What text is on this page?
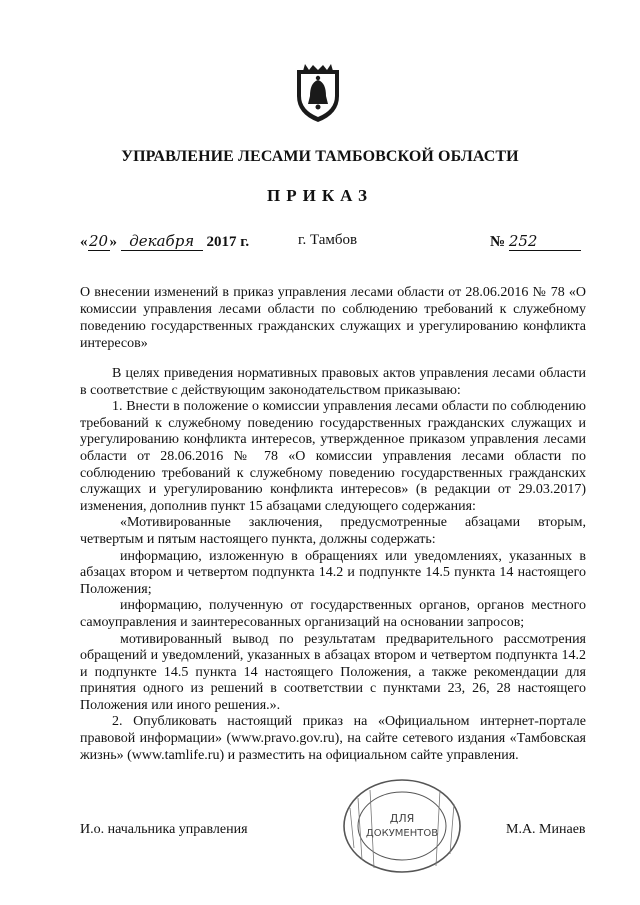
УПРАВЛЕНИЕ ЛЕСАМИ ТАМБОВСКОЙ ОБЛАСТИ
ПРИКАЗ
«20» декабря 2017 г.	г. Тамбов	№ 252
О внесении изменений в приказ управления лесами области от 28.06.2016 № 78 «О комиссии управления лесами области по соблюдению требований к служебному поведению государственных гражданских служащих и урегулированию конфликта интересов»

В целях приведения нормативных правовых актов управления лесами области в соответствие с действующим законодательством приказываю:

1. Внести в положение о комиссии управления лесами области по соблюдению требований к служебному поведению государственных гражданских служащих и урегулированию конфликта интересов, утвержденное приказом управления лесами области от 28.06.2016 № 78 «О комиссии управления лесами области по соблюдению требований к служебному поведению государственных гражданских служащих и урегулированию конфликта интересов» (в редакции от 29.03.2017) изменения, дополнив пункт 15 абзацами следующего содержания:

«Мотивированные заключения, предусмотренные абзацами вторым, четвертым и пятым настоящего пункта, должны содержать:

информацию, изложенную в обращениях или уведомлениях, указанных в абзацах втором и четвертом подпункта 14.2 и подпункте 14.5 пункта 14 настоящего Положения;

информацию, полученную от государственных органов, органов местного самоуправления и заинтересованных организаций на основании запросов;

мотивированный вывод по результатам предварительного рассмотрения обращений и уведомлений, указанных в абзацах втором и четвертом подпункта 14.2 и подпункте 14.5 пункта 14 настоящего Положения, а также рекомендации для принятия одного из решений в соответствии с пунктами 23, 26, 28 настоящего Положения или иного решения.».

2. Опубликовать настоящий приказ на «Официальном интернет-портале правовой информации» (www.pravo.gov.ru), на сайте сетевого издания «Тамбовская жизнь» (www.tamlife.ru) и разместить на официальном сайте управления.

И.о. начальника управления	М.А. Минаев
ДЛЯ
ДОКУМЕНТОВ
